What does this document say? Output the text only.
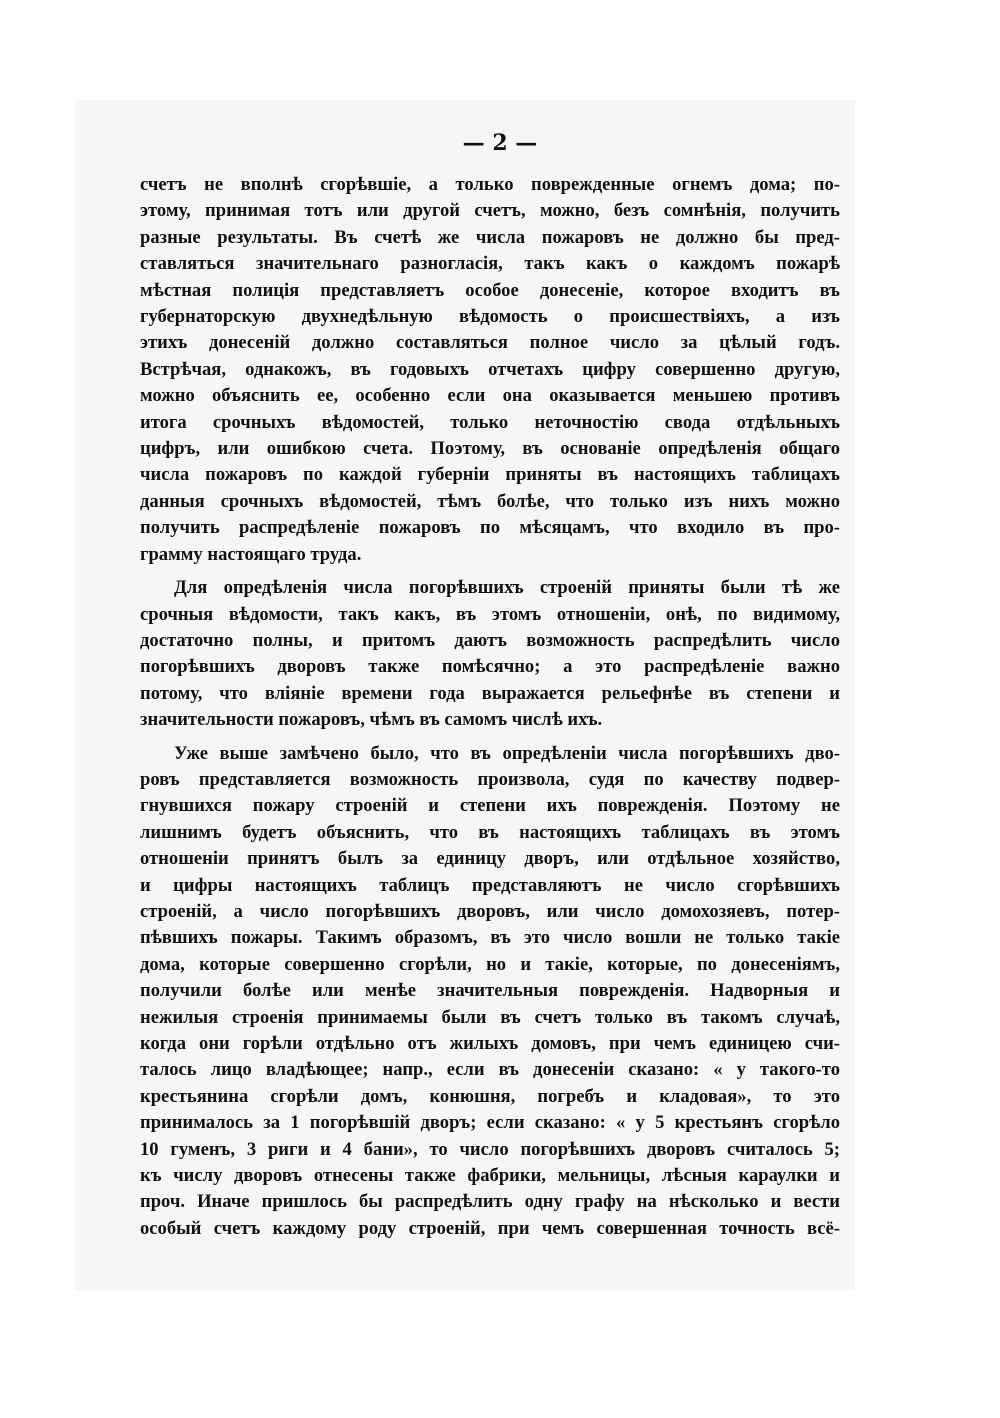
— 2 —
счетъ не вполнѣ сгорѣвшіе, а только поврежденные огнемъ дома; по-
этому, принимая тотъ или другой счетъ, можно, безъ сомнѣнія, получить
разные результаты. Въ счетѣ же числа пожаровъ не должно бы пред-
ставляться значительнаго разногласія, такъ какъ о каждомъ пожарѣ
мѣстная полиція представляетъ особое донесеніе, которое входитъ въ
губернаторскую двухнедѣльную вѣдомость о происшествіяхъ, а изъ
этихъ донесеній должно составляться полное число за цѣлый годъ.
Встрѣчая, однакожъ, въ годовыхъ отчетахъ цифру совершенно другую,
можно объяснить ее, особенно если она оказывается меньшею противъ
итога срочныхъ вѣдомостей, только неточностію свода отдѣльныхъ
цифръ, или ошибкою счета. Поэтому, въ основаніе опредѣленія общаго
числа пожаровъ по каждой губерніи приняты въ настоящихъ таблицахъ
данныя срочныхъ вѣдомостей, тѣмъ болѣе, что только изъ нихъ можно
получить распредѣленіе пожаровъ по мѣсяцамъ, что входило въ про-
грамму настоящаго труда.
Для опредѣленія числа погорѣвшихъ строеній приняты были тѣ же
срочныя вѣдомости, такъ какъ, въ этомъ отношеніи, онѣ, по видимому,
достаточно полны, и притомъ даютъ возможность распредѣлить число
погорѣвшихъ дворовъ также помѣсячно; а это распредѣленіе важно
потому, что вліяніе времени года выражается рельефнѣе въ степени и
значительности пожаровъ, чѣмъ въ самомъ числѣ ихъ.
Уже выше замѣчено было, что въ опредѣленіи числа погорѣвшихъ дво-
ровъ представляется возможность произвола, судя по качеству подвер-
гнувшихся пожару строеній и степени ихъ поврежденія. Поэтому не
лишнимъ будетъ объяснить, что въ настоящихъ таблицахъ въ этомъ
отношеніи принятъ былъ за единицу дворъ, или отдѣльное хозяйство,
и цифры настоящихъ таблицъ представляютъ не число сгорѣвшихъ
строеній, а число погорѣвшихъ дворовъ, или число домохозяевъ, потер-
пѣвшихъ пожары. Такимъ образомъ, въ это число вошли не только такіе
дома, которые совершенно сгорѣли, но и такіе, которые, по донесеніямъ,
получили болѣе или менѣе значительныя поврежденія. Надворныя и
нежилыя строенія принимаемы были въ счетъ только въ такомъ случаѣ,
когда они горѣли отдѣльно отъ жилыхъ домовъ, при чемъ единицею счи-
талось лицо владѣющее; напр., если въ донесеніи сказано: « у такого-то
крестьянина сгорѣли домъ, конюшня, погребъ и кладовая», то это
принималось за 1 погорѣвшій дворъ; если сказано: « у 5 крестьянъ сгорѣло
10 гуменъ, 3 риги и 4 бани», то число погорѣвшихъ дворовъ считалось 5;
къ числу дворовъ отнесены также фабрики, мельницы, лѣсныя караулки и
проч. Иначе пришлось бы распредѣлить одну графу на нѣсколько и вести
особый счетъ каждому роду строеній, при чемъ совершенная точность всё-
